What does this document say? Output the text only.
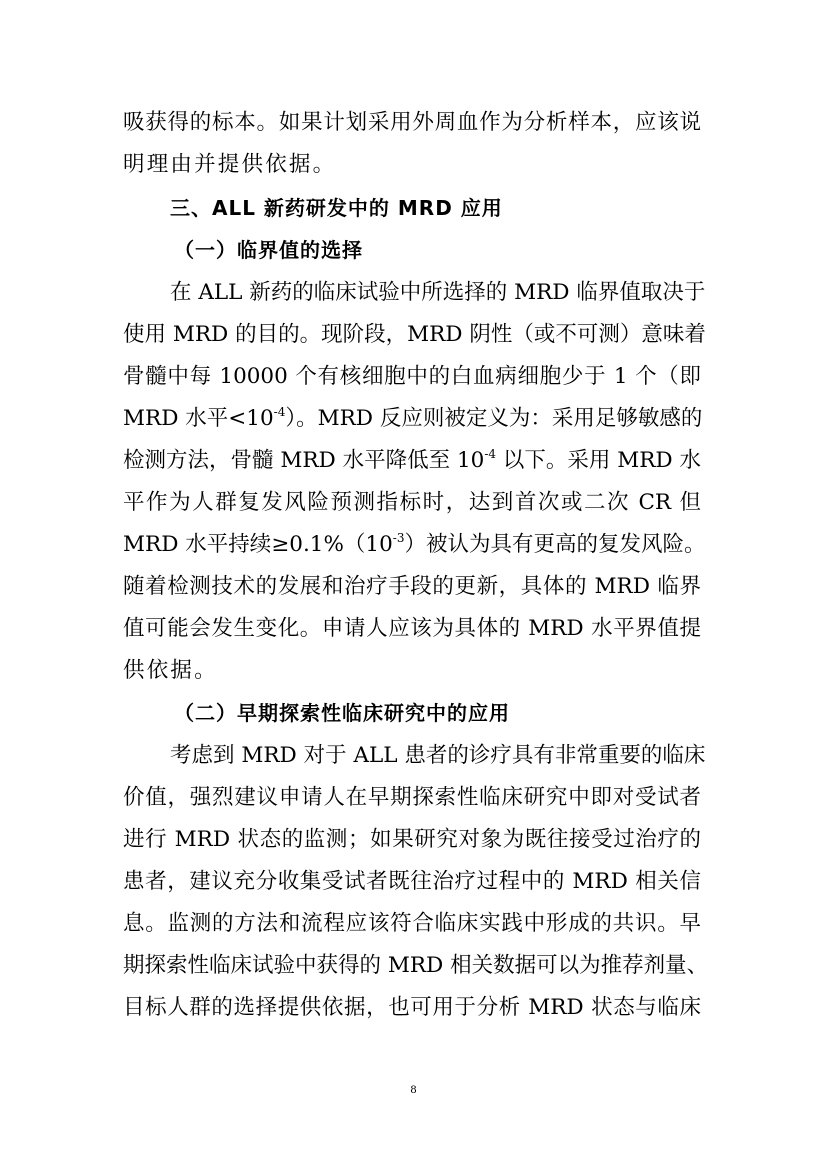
吸获得的标本。如果计划采用外周血作为分析样本，应该说
明理由并提供依据。
三、ALL 新药研发中的 MRD 应用
（一）临界值的选择
在 ALL 新药的临床试验中所选择的 MRD 临界值取决于
使用 MRD 的目的。现阶段，MRD 阴性（或不可测）意味着
骨髓中每 10000 个有核细胞中的白血病细胞少于 1 个（即
MRD 水平$<10^{-4}$）。MRD 反应则被定义为：采用足够敏感的
检测方法，骨髓 MRD 水平降低至 $10^{-4}$ 以下。采用 MRD 水
平作为人群复发风险预测指标时，达到首次或二次 CR 但
MRD 水平持续$\ge 0.1\%(10^{-3})$被认为具有更高的复发风险。
随着检测技术的发展和治疗手段的更新，具体的 MRD 临界
值可能会发生变化。申请人应该为具体的 MRD 水平界值提
供依据。
（二）早期探索性临床研究中的应用
考虑到 MRD 对于 ALL 患者的诊疗具有非常重要的临床
价值，强烈建议申请人在早期探索性临床研究中即对受试者
进行 MRD 状态的监测；如果研究对象为既往接受过治疗的
患者，建议充分收集受试者既往治疗过程中的 MRD 相关信
息。监测的方法和流程应该符合临床实践中形成的共识。早
期探索性临床试验中获得的 MRD 相关数据可以为推荐剂量、
目标人群的选择提供依据，也可用于分析 MRD 状态与临床
8
